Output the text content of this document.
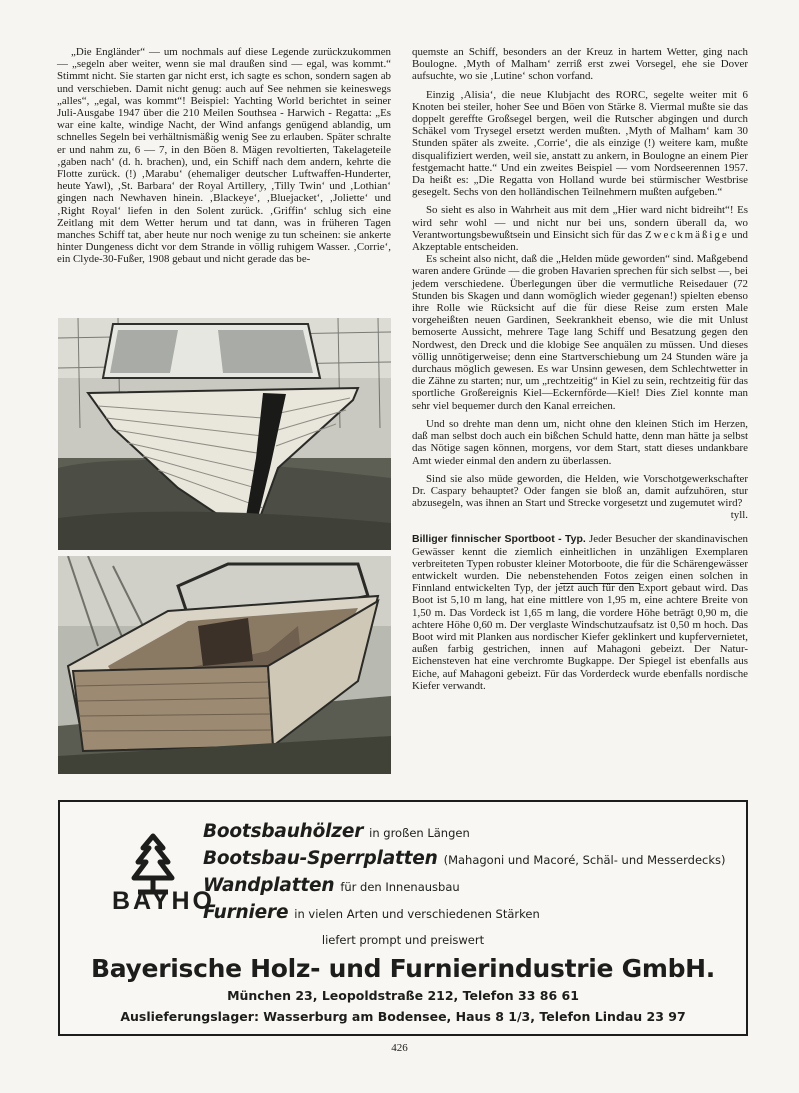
„Die Engländer“ — um nochmals auf diese Legende zurückzukommen — „segeln aber weiter, wenn sie mal draußen sind — egal, was kommt.“ Stimmt nicht. Sie starten gar nicht erst, ich sagte es schon, sondern sagen ab und verschieben. Damit nicht genug: auch auf See nehmen sie keineswegs „alles“, „egal, was kommt“! Beispiel: Yachting World berichtet in seiner Juli-Ausgabe 1947 über die 210 Meilen Southsea - Harwich - Regatta: „Es war eine kalte, windige Nacht, der Wind anfangs genügend ablandig, um schnelles Segeln bei verhältnismäßig wenig See zu erlauben. Später schralte er und nahm zu, 6 — 7, in den Böen 8. Mägen revoltierten, Takelageteile ‚gaben nach‘ (d. h. brachen), und, ein Schiff nach dem andern, kehrte die Flotte zurück. (!) ‚Marabu‘ (ehemaliger deutscher Luftwaffen-Hunderter, heute Yawl), ‚St. Barbara‘ der Royal Artillery, ‚Tilly Twin‘ und ‚Lothian‘ gingen nach Newhaven hinein. ‚Blackeye‘, ‚Bluejacket‘, ‚Joliette‘ und ‚Right Royal‘ liefen in den Solent zurück. ‚Griffin‘ schlug sich eine Zeitlang mit dem Wetter herum und tat dann, was in früheren Tagen manches Schiff tat, aber heute nur noch wenige zu tun scheinen: sie ankerte hinter Dungeness dicht vor dem Strande in völlig ruhigem Wasser. ‚Corrie‘, ein Clyde-30-Fußer, 1908 gebaut und nicht gerade das be-

quemste an Schiff, besonders an der Kreuz in hartem Wetter, ging nach Boulogne. ‚Myth of Malham‘ zerriß erst zwei Vorsegel, ehe sie Dover aufsuchte, wo sie ‚Lutine‘ schon vorfand.

Einzig ‚Alisia‘, die neue Klubjacht des RORC, segelte weiter mit 6 Knoten bei steiler, hoher See und Böen von Stärke 8. Viermal mußte sie das doppelt gereffte Großsegel bergen, weil die Rutscher abgingen und durch Schäkel vom Trysegel ersetzt werden mußten. ‚Myth of Malham‘ kam 30 Stunden später als zweite. ‚Corrie‘, die als einzige (!) weitere kam, mußte disqualifiziert werden, weil sie, anstatt zu ankern, in Boulogne an einem Pier festgemacht hatte.“ Und ein zweites Beispiel — vom Nordseerennen 1957. Da heißt es: „Die Regatta von Holland wurde bei stürmischer Westbrise gesegelt. Sechs von den holländischen Teilnehmern mußten aufgeben.“

So sieht es also in Wahrheit aus mit dem „Hier ward nicht bidreiht“! Es wird sehr wohl — und nicht nur bei uns, sondern überall da, wo Verantwortungsbewußtsein und Einsicht sich für das Zweckmäßige und Akzeptable entscheiden.

Es scheint also nicht, daß die „Helden müde geworden“ sind. Maßgebend waren andere Gründe — die groben Havarien sprechen für sich selbst —, bei jedem verschiedene. Überlegungen über die vermutliche Reisedauer (72 Stunden bis Skagen und dann womöglich wieder gegenan!) spielten ebenso ihre Rolle wie Rücksicht auf die für diese Reise zum ersten Male vorgeheißten neuen Gardinen, Seekrankheit ebenso, wie die mit Unlust bemoserte Aussicht, mehrere Tage lang Schiff und Besatzung gegen den Nordwest, den Dreck und die klobige See anquälen zu müssen. Und dieses völlig unnötigerweise; denn eine Startverschiebung um 24 Stunden wäre ja durchaus möglich gewesen. Es war Unsinn gewesen, dem Schlechtwetter in die Zähne zu starten; nur, um „rechtzeitig“ in Kiel zu sein, rechtzeitig für das sportliche Großereignis Kiel—Eckernförde—Kiel! Dies Ziel konnte man sehr viel bequemer durch den Kanal erreichen.

Und so drehte man denn um, nicht ohne den kleinen Stich im Herzen, daß man selbst doch auch ein bißchen Schuld hatte, denn man hätte ja selbst das Nötige sagen können, morgens, vor dem Start, statt dieses undankbare Amt wieder einmal den andern zu überlassen.

Sind sie also müde geworden, die Helden, wie Vorschotgewerkschafter Dr. Caspary behauptet? Oder fangen sie bloß an, damit aufzuhören, stur abzusegeln, was ihnen an Start und Strecke vorgesetzt und zugemutet wird?
tyll.

Billiger finnischer Sportboot - Typ. Jeder Besucher der skandinavischen Gewässer kennt die ziemlich einheitlichen in unzähligen Exemplaren verbreiteten Typen robuster kleiner Motorboote, die für die Schärengewässer entwickelt wurden. Die nebenstehenden Fotos zeigen einen solchen in Finnland entwickelten Typ, der jetzt auch für den Export gebaut wird. Das Boot ist 5,10 m lang, hat eine mittlere von 1,95 m, eine achtere Breite von 1,50 m. Das Vordeck ist 1,65 m lang, die vordere Höhe beträgt 0,90 m, die achtere Höhe 0,60 m. Der verglaste Windschutzaufsatz ist 0,50 m hoch. Das Boot wird mit Planken aus nordischer Kiefer geklinkert und kupfervernietet, außen farbig gestrichen, innen auf Mahagoni gebeizt. Der Natur-Eichensteven hat eine verchromte Bugkappe. Der Spiegel ist ebenfalls aus Eiche, auf Mahagoni gebeizt. Für das Vorderdeck wurde ebenfalls nordische Kiefer verwandt.

BAYHO
Bootsbauhölzer in großen Längen
Bootsbau-Sperrplatten (Mahagoni und Macoré, Schäl- und Messerdecks)
Wandplatten für den Innenausbau
Furniere in vielen Arten und verschiedenen Stärken
liefert prompt und preiswert
Bayerische Holz- und Furnierindustrie GmbH.
München 23, Leopoldstraße 212, Telefon 33 86 61
Auslieferungslager: Wasserburg am Bodensee, Haus 8 1/3, Telefon Lindau 23 97
426
